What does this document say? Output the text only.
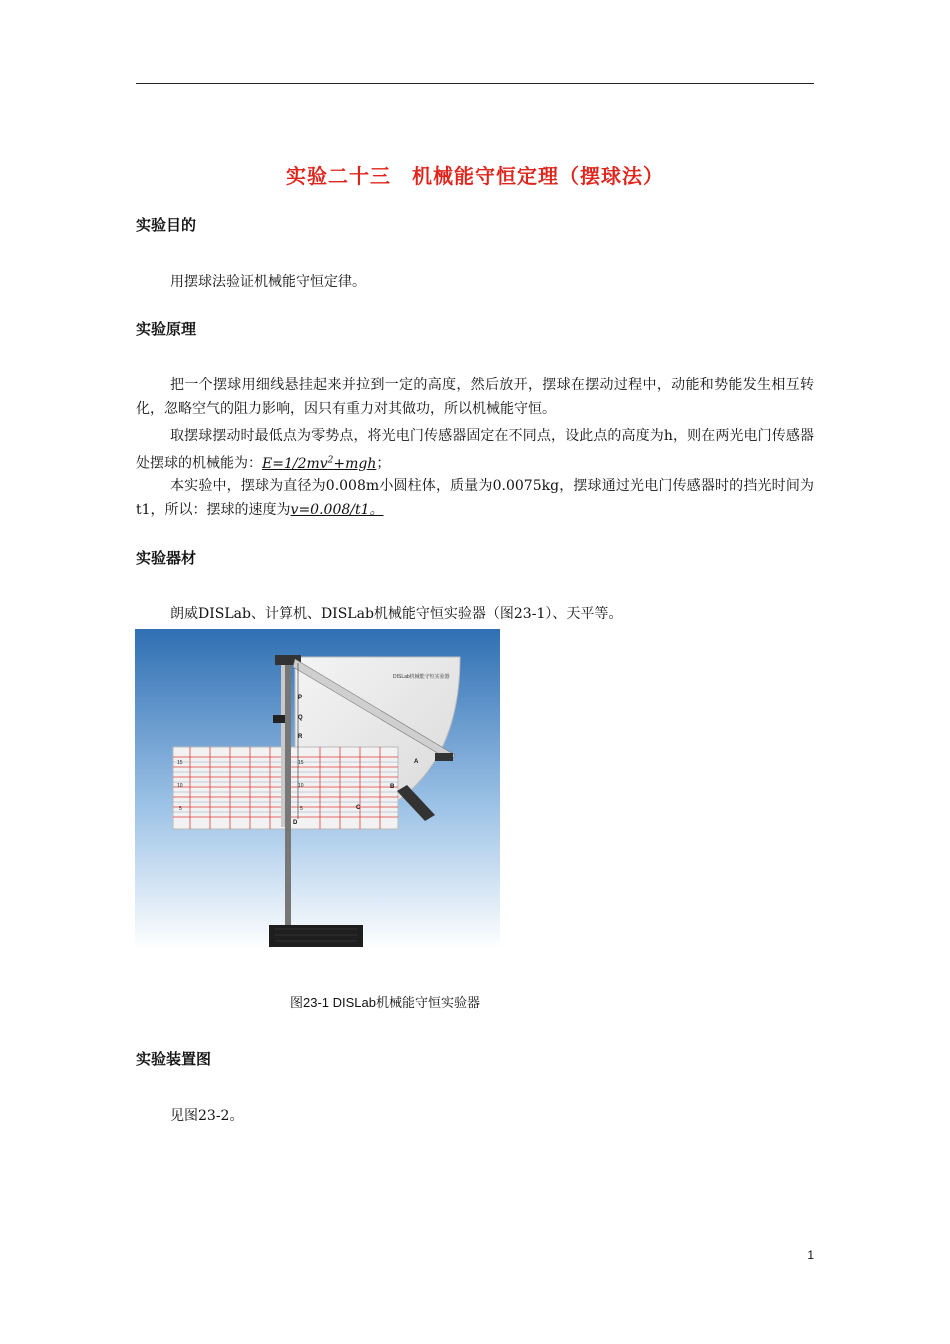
实验二十三　机械能守恒定理（摆球法）
实验目的
用摆球法验证机械能守恒定律。
实验原理
把一个摆球用细线悬挂起来并拉到一定的高度，然后放开，摆球在摆动过程中，动能和势能发生相互转化，忽略空气的阻力影响，因只有重力对其做功，所以机械能守恒。
取摆球摆动时最低点为零势点，将光电门传感器固定在不同点，设此点的高度为h，则在两光电门传感器处摆球的机械能为：$E=1/2mv^2+mgh$；
本实验中，摆球为直径为0.008m小圆柱体，质量为0.0075kg，摆球通过光电门传感器时的挡光时间为t1，所以：摆球的速度为v=0.008/t1。
实验器材
朗威DISLab、计算机、DISLab机械能守恒实验器（图23-1）、天平等。
DISLab机械能守恒实验器
15
10
5
15
10
5
P
Q
R
A
B
C
D
图23-1 DISLab机械能守恒实验器
实验装置图
见图23-2。
1
